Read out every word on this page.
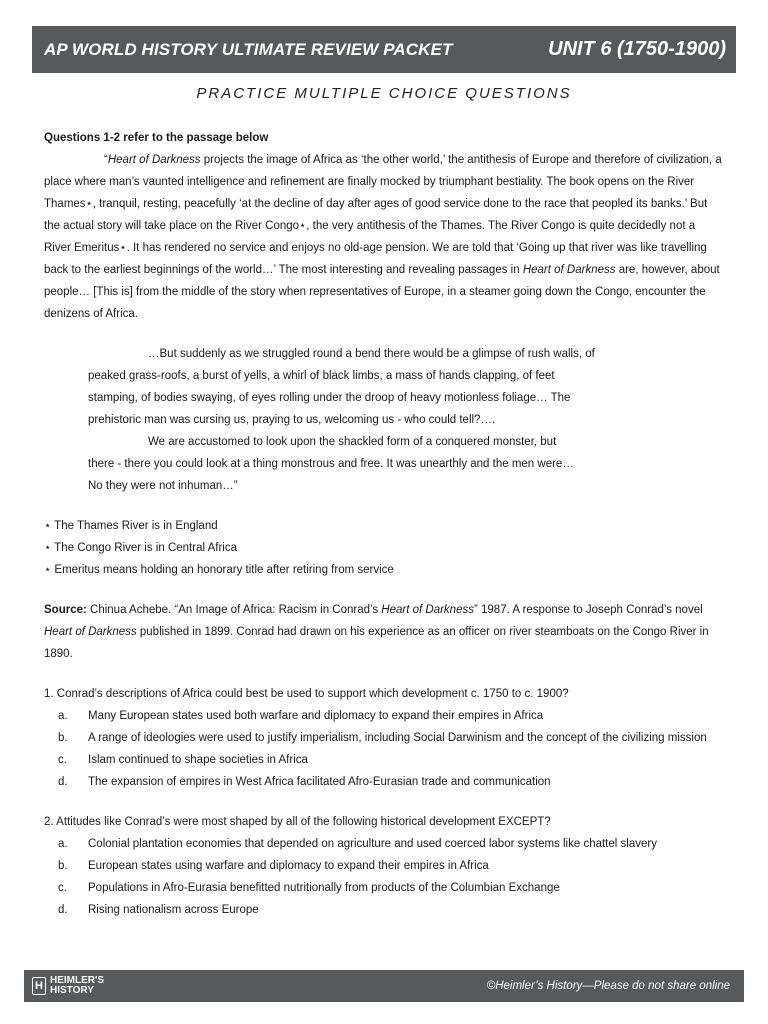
AP WORLD HISTORY ULTIMATE REVIEW PACKET	UNIT 6 (1750-1900)
PRACTICE MULTIPLE CHOICE QUESTIONS
Questions 1-2 refer to the passage below

“Heart of Darkness projects the image of Africa as ‘the other world,’ the antithesis of Europe and therefore of civilization, a place where man’s vaunted intelligence and refinement are finally mocked by triumphant bestiality. The book opens on the River Thames⋆, tranquil, resting, peacefully ‘at the decline of day after ages of good service done to the race that peopled its banks.’ But the actual story will take place on the River Congo⋆, the very antithesis of the Thames. The River Congo is quite decidedly not a River Emeritus⋆. It has rendered no service and enjoys no old-age pension. We are told that ‘Going up that river was like travelling back to the earliest beginnings of the world…’ The most interesting and revealing passages in Heart of Darkness are, however, about people… [This is] from the middle of the story when representatives of Europe, in a steamer going down the Congo, encounter the denizens of Africa.

…But suddenly as we struggled round a bend there would be a glimpse of rush walls, of
peaked grass-roofs, a burst of yells, a whirl of black limbs, a mass of hands clapping, of feet
stamping, of bodies swaying, of eyes rolling under the droop of heavy motionless foliage… The
prehistoric man was cursing us, praying to us, welcoming us - who could tell?….
We are accustomed to look upon the shackled form of a conquered monster, but
there - there you could look at a thing monstrous and free. It was unearthly and the men were…
No they were not inhuman…”
⋆ The Thames River is in England
⋆ The Congo River is in Central Africa
⋆ Emeritus means holding an honorary title after retiring from service
Source: Chinua Achebe. “An Image of Africa: Racism in Conrad’s Heart of Darkness” 1987. A response to Joseph Conrad’s novel Heart of Darkness published in 1899. Conrad had drawn on his experience as an officer on river steamboats on the Congo River in 1890.
1. Conrad’s descriptions of Africa could best be used to support which development c. 1750 to c. 1900?
a.	Many European states used both warfare and diplomacy to expand their empires in Africa
b.	A range of ideologies were used to justify imperialism, including Social Darwinism and the concept of the civilizing mission
c.	Islam continued to shape societies in Africa
d.	The expansion of empires in West Africa facilitated Afro-Eurasian trade and communication
2. Attitudes like Conrad’s were most shaped by all of the following historical development EXCEPT?
a.	Colonial plantation economies that depended on agriculture and used coerced labor systems like chattel slavery
b.	European states using warfare and diplomacy to expand their empires in Africa
c.	Populations in Afro-Eurasia benefitted nutritionally from products of the Columbian Exchange
d.	Rising nationalism across Europe
H HEIMLER'S
HISTORY	©Heimler’s History—Please do not share online
